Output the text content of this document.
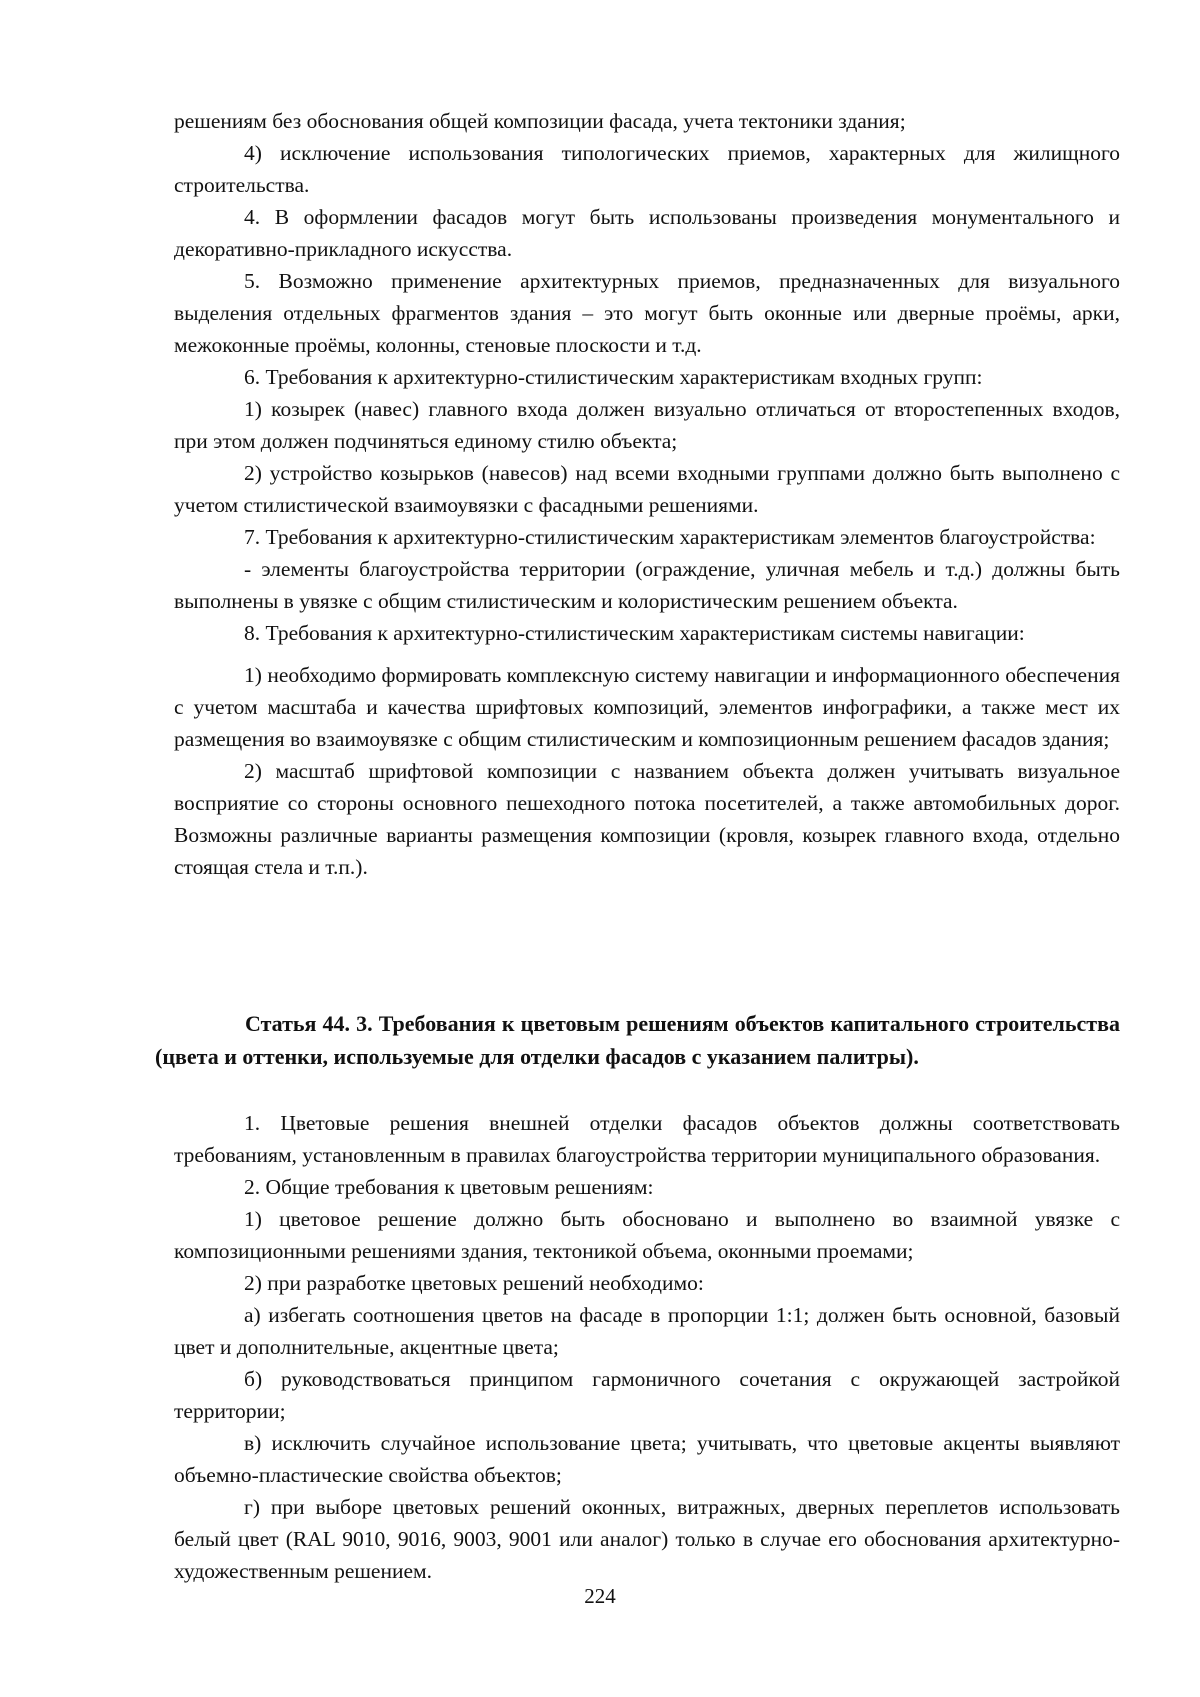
решениям без обоснования общей композиции фасада, учета тектоники здания;

4) исключение использования типологических приемов, характерных для жилищного строительства.

4. В оформлении фасадов могут быть использованы произведения монументального и декоративно-прикладного искусства.

5. Возможно применение архитектурных приемов, предназначенных для визуального выделения отдельных фрагментов здания – это могут быть оконные или дверные проёмы, арки, межоконные проёмы, колонны, стеновые плоскости и т.д.

6. Требования к архитектурно-стилистическим характеристикам входных групп:

1) козырек (навес) главного входа должен визуально отличаться от второстепенных входов, при этом должен подчиняться единому стилю объекта;

2) устройство козырьков (навесов) над всеми входными группами должно быть выполнено с учетом стилистической взаимоувязки с фасадными решениями.

7. Требования к архитектурно-стилистическим характеристикам элементов благоустройства:

- элементы благоустройства территории (ограждение, уличная мебель и т.д.) должны быть выполнены в увязке с общим стилистическим и колористическим решением объекта.

8. Требования к архитектурно-стилистическим характеристикам системы навигации:

1) необходимо формировать комплексную систему навигации и информационного обеспечения с учетом масштаба и качества шрифтовых композиций, элементов инфографики, а также мест их размещения во взаимоувязке с общим стилистическим и композиционным решением фасадов здания;

2) масштаб шрифтовой композиции с названием объекта должен учитывать визуальное восприятие со стороны основного пешеходного потока посетителей, а также автомобильных дорог. Возможны различные варианты размещения композиции (кровля, козырек главного входа, отдельно стоящая стела и т.п.).

Статья 44. 3. Требования к цветовым решениям объектов капитального строительства (цвета и оттенки, используемые для отделки фасадов с указанием палитры).

1. Цветовые решения внешней отделки фасадов объектов должны соответствовать требованиям, установленным в правилах благоустройства территории муниципального образования.

2. Общие требования к цветовым решениям:

1) цветовое решение должно быть обосновано и выполнено во взаимной увязке с композиционными решениями здания, тектоникой объема, оконными проемами;

2) при разработке цветовых решений необходимо:

а) избегать соотношения цветов на фасаде в пропорции 1:1; должен быть основной, базовый цвет и дополнительные, акцентные цвета;

б) руководствоваться принципом гармоничного сочетания с окружающей застройкой территории;

в) исключить случайное использование цвета; учитывать, что цветовые акценты выявляют объемно-пластические свойства объектов;

г) при выборе цветовых решений оконных, витражных, дверных переплетов использовать белый цвет (RAL 9010, 9016, 9003, 9001 или аналог) только в случае его обоснования архитектурно-художественным решением.

224
